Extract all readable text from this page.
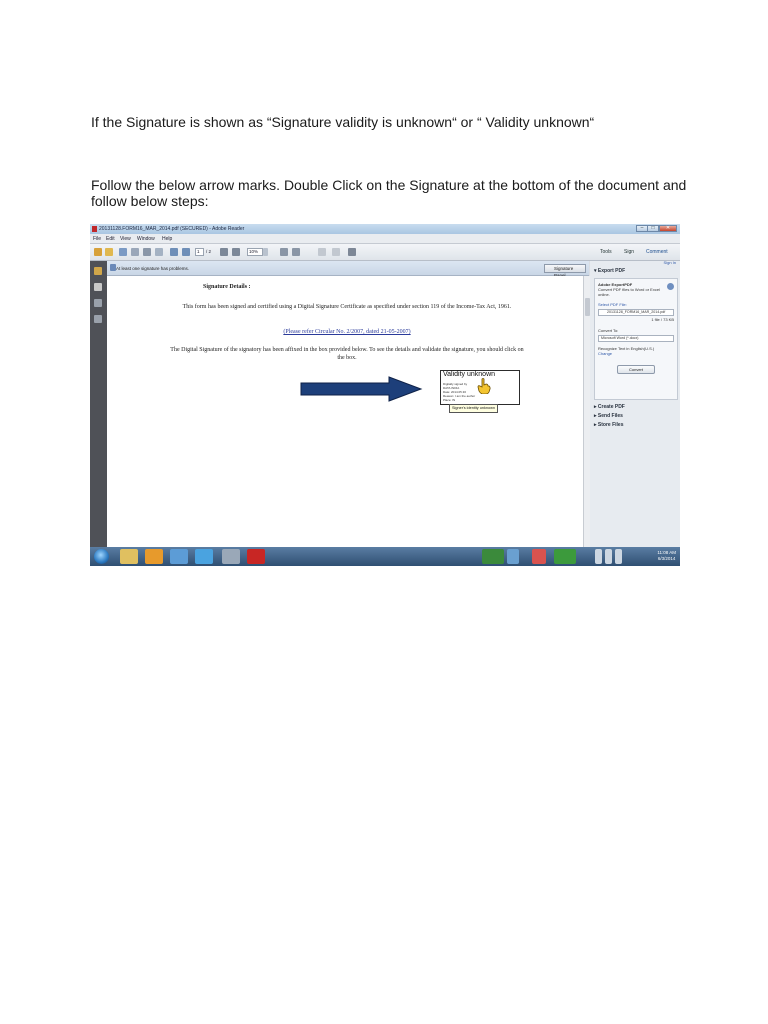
If the Signature is shown as “Signature validity is unknown“ or “ Validity unknown“
Follow the below arrow marks. Double Click on the Signature at the bottom of the document and follow below steps:
20131128.FORM16_MAR_2014.pdf (SECURED) - Adobe Reader	–	□	✕
File Edit View Window Help
1	/ 2	10%	Tools Sign Comment
At least one signature has problems.	Signature
Signature Details :
This form has been signed and certified using a Digital Signature Certificate as specified under section 119 of the Income-Tax Act, 1961.
(Please refer Circular No. 2/2007, dated 21-05-2007)
The Digital Signature of the signatory has been affixed in the box provided below. To see the details and validate the signature, you should click on the box.
Validity unknown
Digitally signed by
DATA INDIA
Date: 2014.05.30
Reason: I am the author
Place: IN
Signer's identity unknown
Sign In
▾ Export PDF
Adobe ExportPDF
Convert PDF files to Word or Excel online.
Select PDF File:
20131128_FORM16_MAR_2014.pdf
1 file / 73 KB
Convert To:
Microsoft Word (*.docx)
Recognize Text in English(U.S.)
Change
Convert
▸ Create PDF
▸ Send Files
▸ Store Files
11:08 AM
6/3/2014
